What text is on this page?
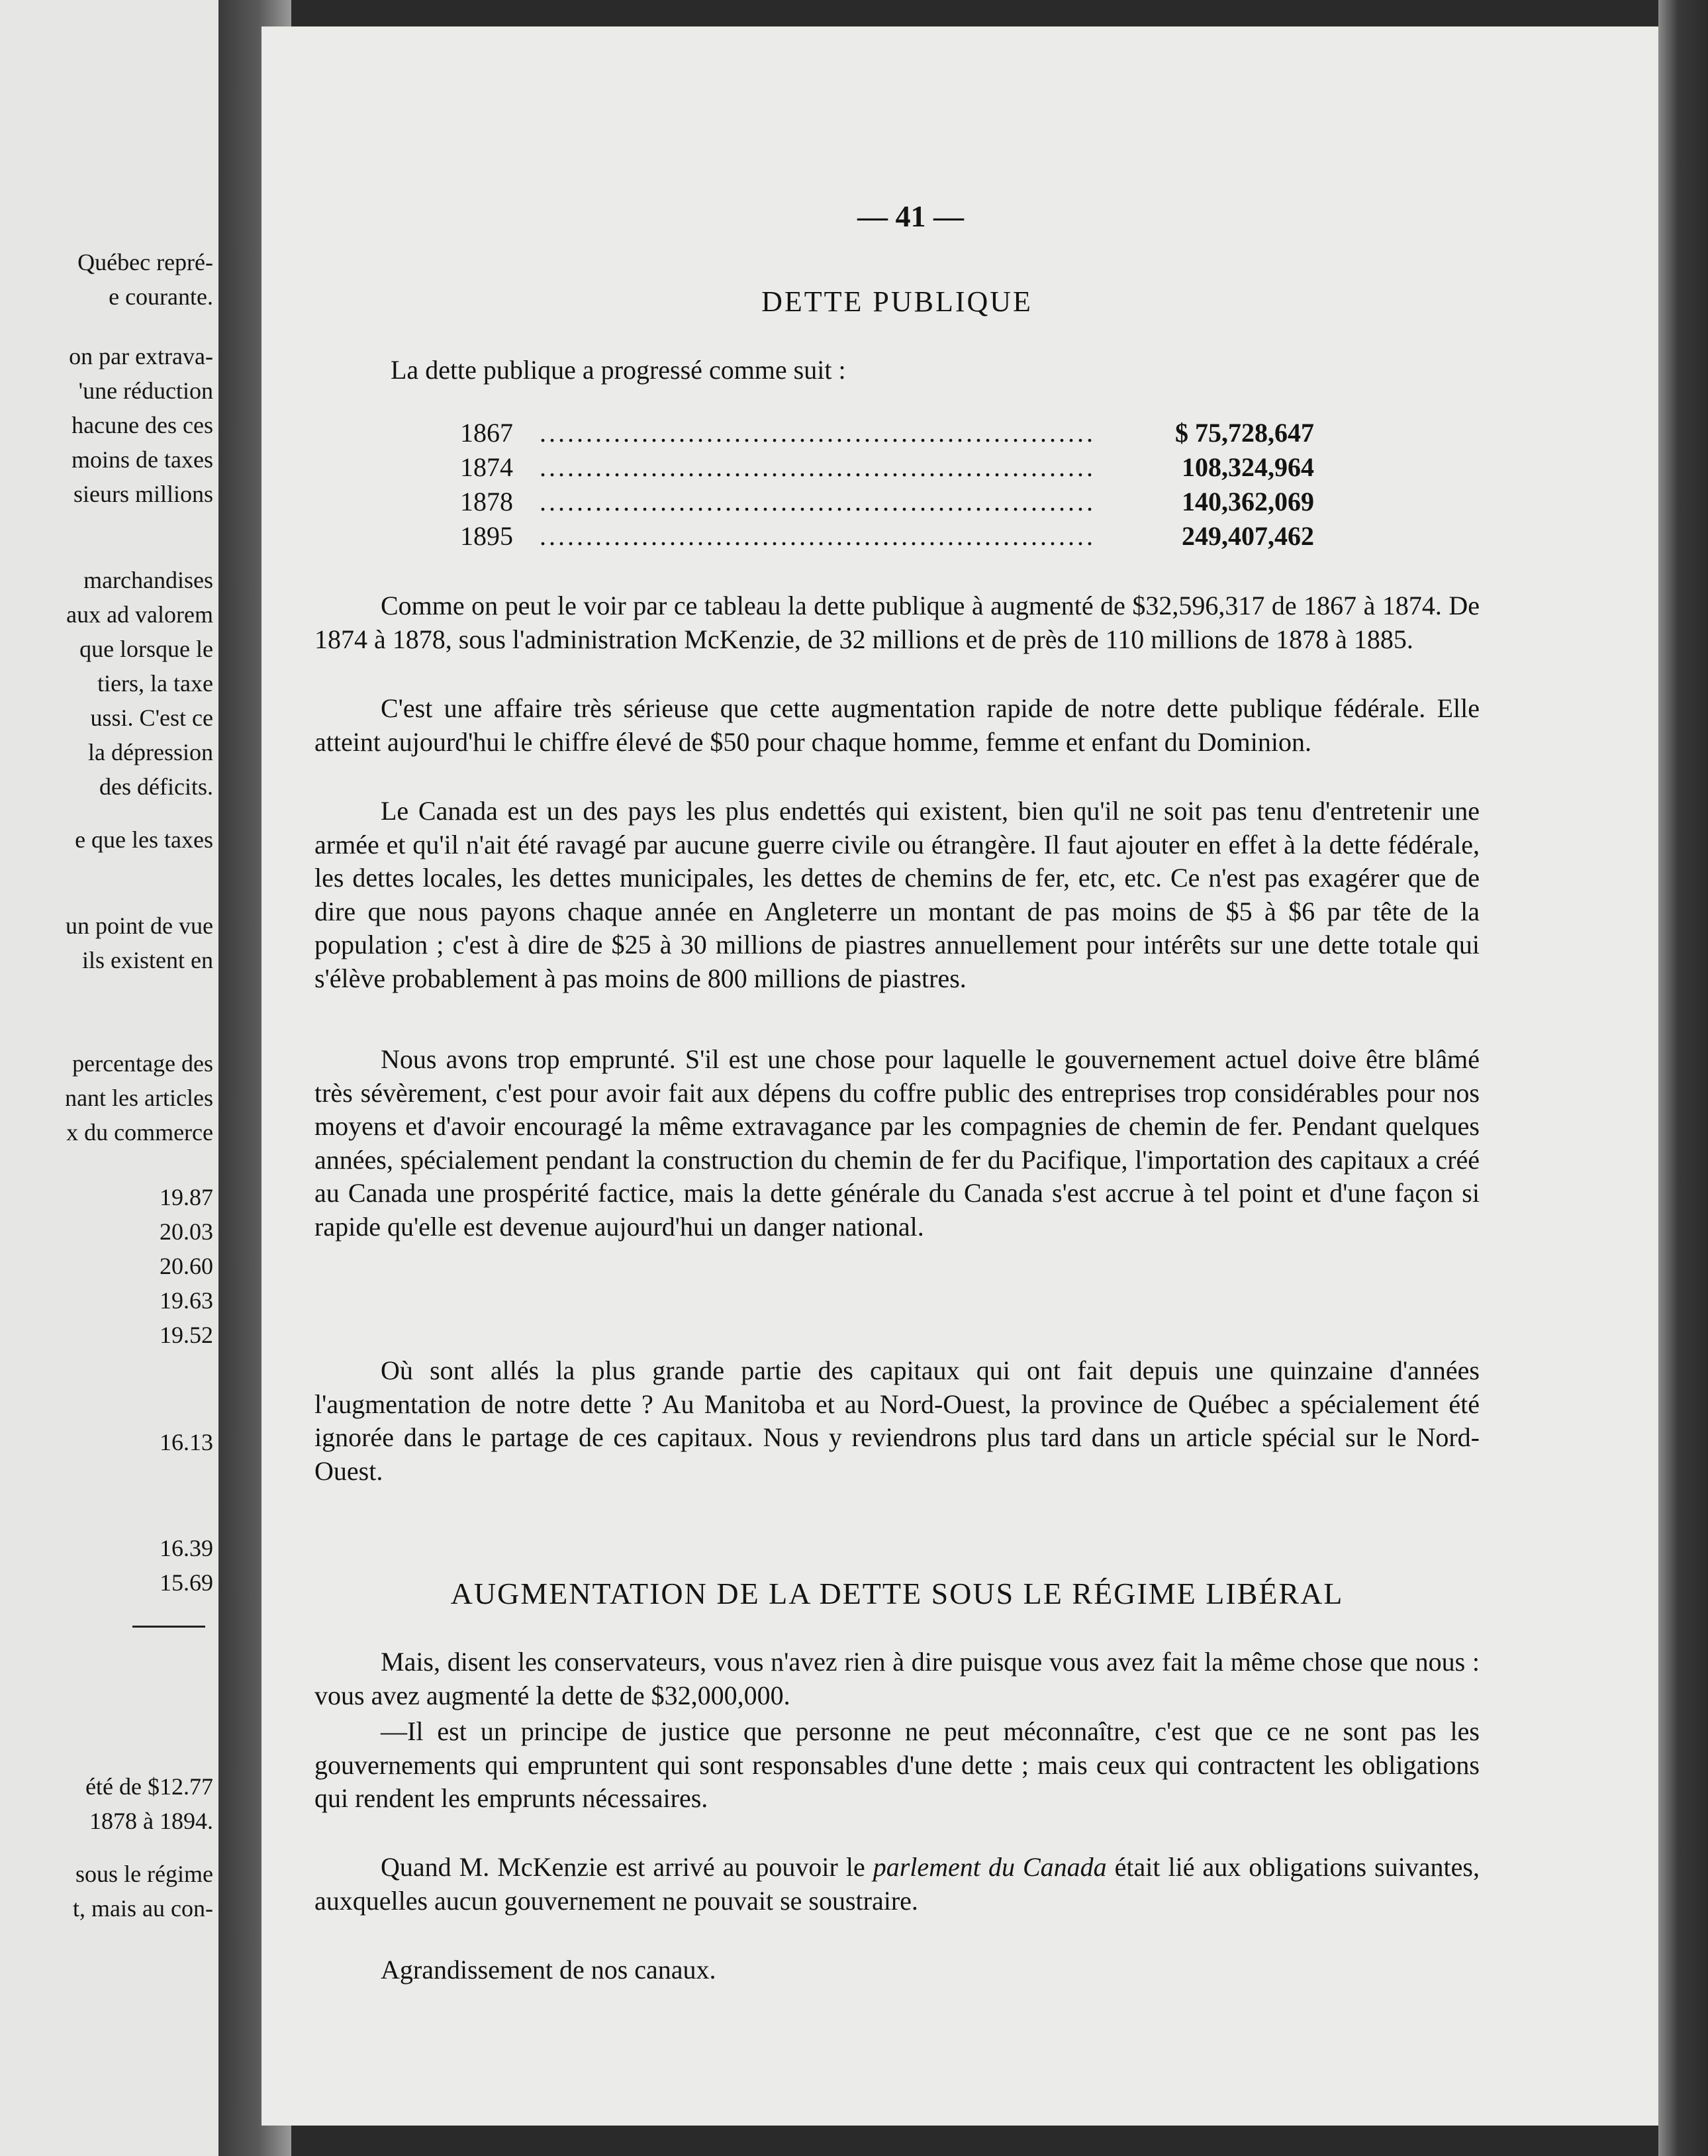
Québec repré-
e courante.
on par extrava-
'une réduction
hacune des ces
moins de taxes
sieurs millions
marchandises
aux ad valorem
que lorsque le
tiers, la taxe
ussi. C'est ce
la dépression
des déficits.
e que les taxes
un point de vue
ils existent en
percentage des
nant les articles
x du commerce
19.87
20.03
20.60
19.63
19.52
16.13
16.39
15.69
été de $12.77
1878 à 1894.
sous le régime
t, mais au con-
— 41 —
DETTE PUBLIQUE
La dette publique a progressé comme suit :
1867	............................................................	$ 75,728,647
1874	............................................................	108,324,964
1878	............................................................	140,362,069
1895	............................................................	249,407,462
Comme on peut le voir par ce tableau la dette publique à augmenté de $32,596,317 de 1867 à 1874. De 1874 à 1878, sous l'administration McKenzie, de 32 millions et de près de 110 millions de 1878 à 1885.
C'est une affaire très sérieuse que cette augmentation rapide de notre dette publique fédérale. Elle atteint aujourd'hui le chiffre élevé de $50 pour chaque homme, femme et enfant du Dominion.
Le Canada est un des pays les plus endettés qui existent, bien qu'il ne soit pas tenu d'entretenir une armée et qu'il n'ait été ravagé par aucune guerre civile ou étrangère. Il faut ajouter en effet à la dette fédérale, les dettes locales, les dettes municipales, les dettes de chemins de fer, etc, etc. Ce n'est pas exagérer que de dire que nous payons chaque année en Angleterre un montant de pas moins de $5 à $6 par tête de la population ; c'est à dire de $25 à 30 millions de piastres annuellement pour intérêts sur une dette totale qui s'élève probablement à pas moins de 800 millions de piastres.
Nous avons trop emprunté. S'il est une chose pour laquelle le gouvernement actuel doive être blâmé très sévèrement, c'est pour avoir fait aux dépens du coffre public des entreprises trop considérables pour nos moyens et d'avoir encouragé la même extravagance par les compagnies de chemin de fer. Pendant quelques années, spécialement pendant la construction du chemin de fer du Pacifique, l'importation des capitaux a créé au Canada une prospérité factice, mais la dette générale du Canada s'est accrue à tel point et d'une façon si rapide qu'elle est devenue aujourd'hui un danger national.
Où sont allés la plus grande partie des capitaux qui ont fait depuis une quinzaine d'années l'augmentation de notre dette ? Au Manitoba et au Nord-Ouest, la province de Québec a spécialement été ignorée dans le partage de ces capitaux. Nous y reviendrons plus tard dans un article spécial sur le Nord-Ouest.
AUGMENTATION DE LA DETTE SOUS LE RÉGIME LIBÉRAL
Mais, disent les conservateurs, vous n'avez rien à dire puisque vous avez fait la même chose que nous : vous avez augmenté la dette de $32,000,000.
—Il est un principe de justice que personne ne peut méconnaître, c'est que ce ne sont pas les gouvernements qui empruntent qui sont responsables d'une dette ; mais ceux qui contractent les obligations qui rendent les emprunts nécessaires.
Quand M. McKenzie est arrivé au pouvoir le parlement du Canada était lié aux obligations suivantes, auxquelles aucun gouvernement ne pouvait se soustraire.
Agrandissement de nos canaux.
